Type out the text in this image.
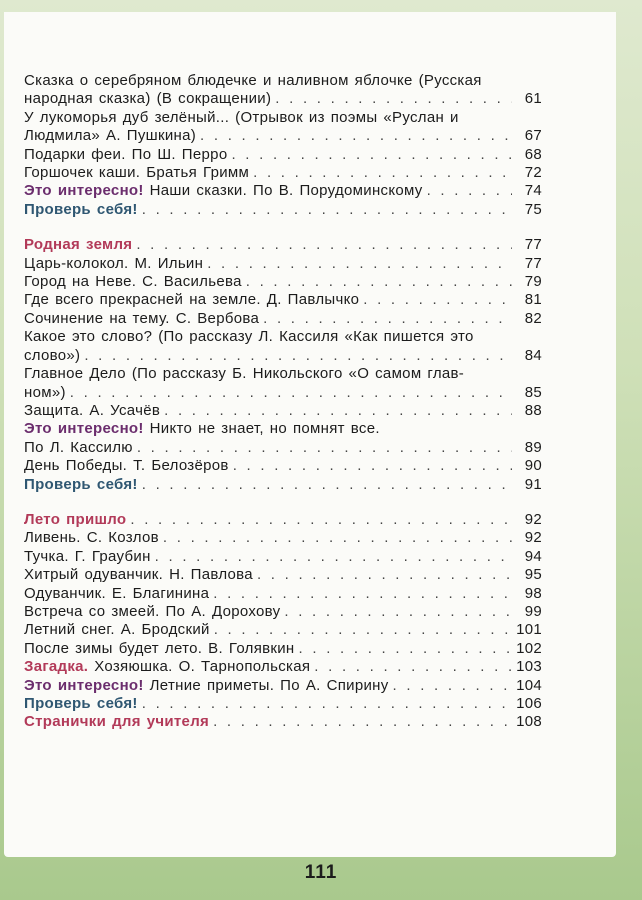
Сказка о серебряном блюдечке и наливном яблочке (Русская
народная сказка) (В сокращении) . . .	61
У лукоморья дуб зелёный... (Отрывок из поэмы «Руслан и
Людмила» А. Пушкина) . . .	67
Подарки феи. По Ш. Перро . . .	68
Горшочек каши. Братья Гримм . . .	72
Это интересно! Наши сказки. По В. Порудоминскому . . .	74
Проверь себя! . . .	75
Родная земля . . .	77
Царь-колокол. М. Ильин . . .	77
Город на Неве. С. Васильева . . .	79
Где всего прекрасней на земле. Д. Павлычко . . .	81
Сочинение на тему. С. Вербова . . .	82
Какое это слово? (По рассказу Л. Кассиля «Как пишется это
слово») . . .	84
Главное Дело (По рассказу Б. Никольского «О самом глав-
ном») . . .	85
Защита. А. Усачёв . . .	88
Это интересно! Никто не знает, но помнят все.
По Л. Кассилю . . .	89
День Победы. Т. Белозёров . . .	90
Проверь себя! . . .	91
Лето пришло . . .	92
Ливень. С. Козлов . . .	92
Тучка. Г. Граубин . . .	94
Хитрый одуванчик. Н. Павлова . . .	95
Одуванчик. Е. Благинина . . .	98
Встреча со змеей. По А. Дорохову . . .	99
Летний снег. А. Бродский . . .	101
После зимы будет лето. В. Голявкин . . .	102
Загадка. Хозяюшка. О. Тарнопольская . . .	103
Это интересно! Летние приметы. По А. Спирину . . .	104
Проверь себя! . . .	106
Странички для учителя . . .	108
111
